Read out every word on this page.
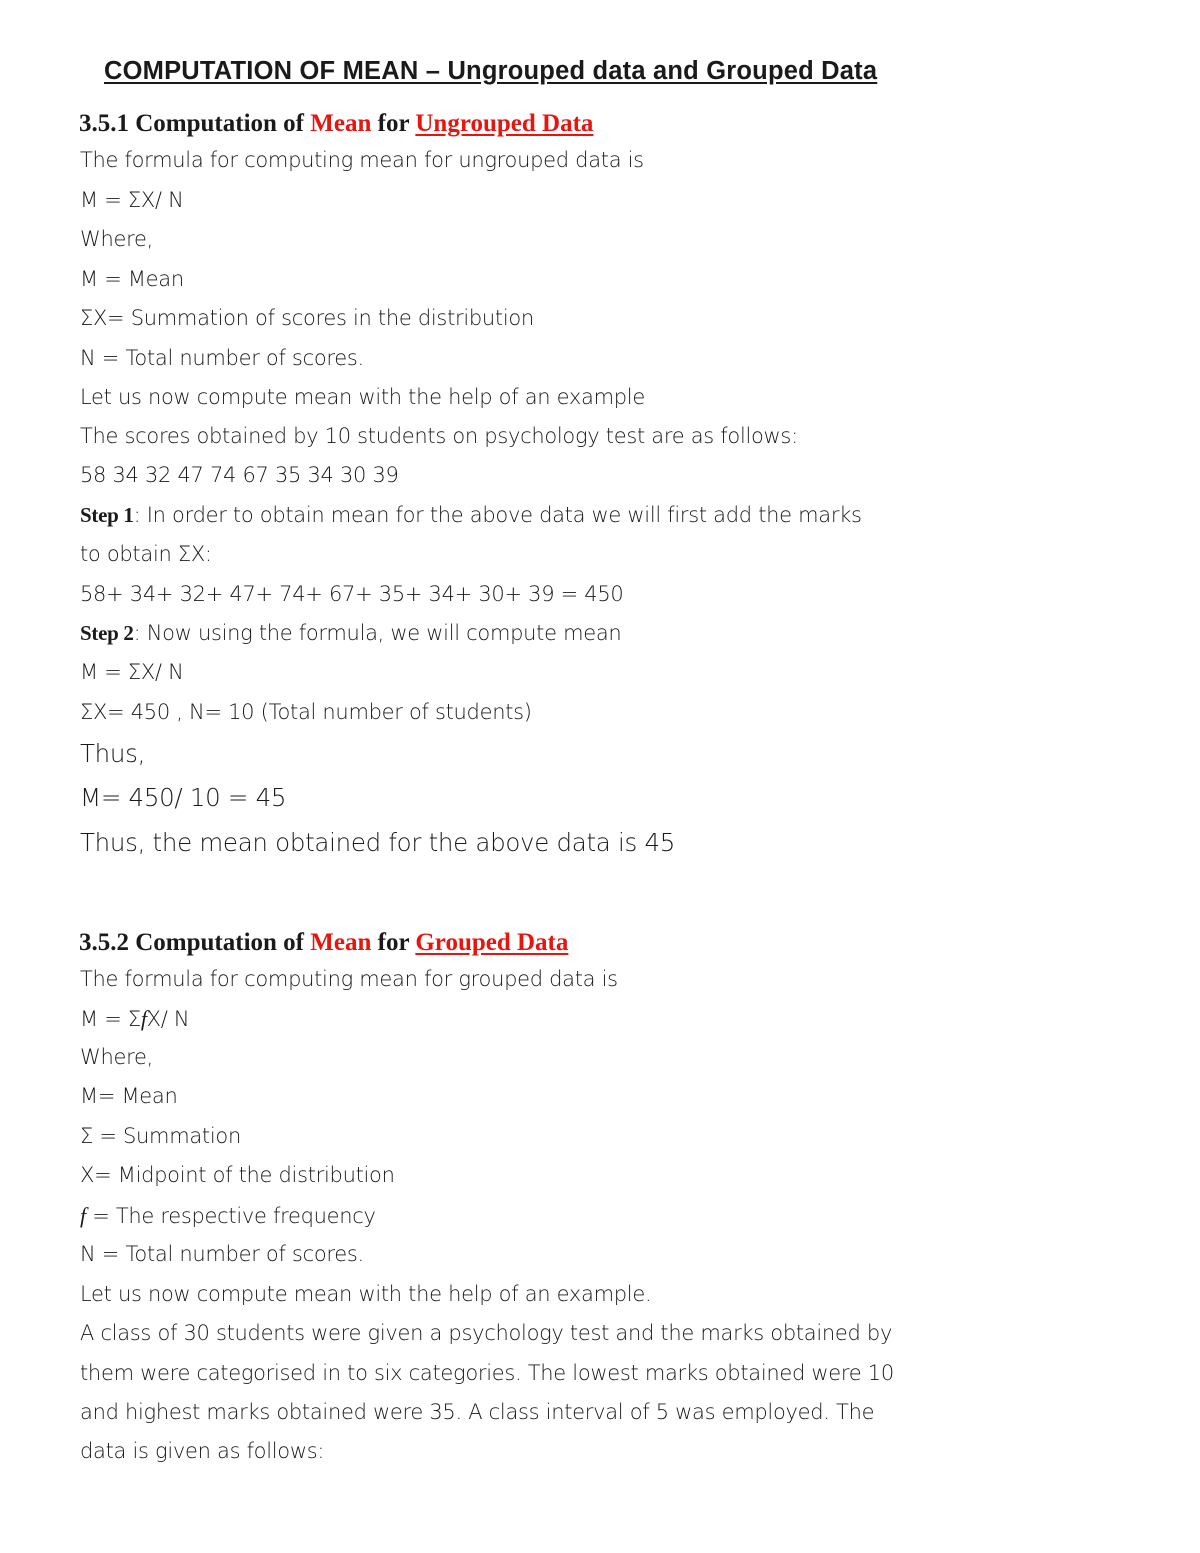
COMPUTATION OF MEAN – Ungrouped data and Grouped Data
3.5.1 Computation of Mean for Ungrouped Data
The formula for computing mean for ungrouped data is
M = ΣX/ N
Where,
M = Mean
ΣX= Summation of scores in the distribution
N = Total number of scores.
Let us now compute mean with the help of an example
The scores obtained by 10 students on psychology test are as follows:
58 34 32 47 74 67 35 34 30 39
Step 1: In order to obtain mean for the above data we will first add the marks
to obtain ΣX:
58+ 34+ 32+ 47+ 74+ 67+ 35+ 34+ 30+ 39 = 450
Step 2: Now using the formula, we will compute mean
M = ΣX/ N
ΣX= 450 , N= 10 (Total number of students)
Thus,
M= 450/ 10 = 45
Thus, the mean obtained for the above data is 45
3.5.2 Computation of Mean for Grouped Data
The formula for computing mean for grouped data is
M = ΣfX/ N
Where,
M= Mean
Σ = Summation
X= Midpoint of the distribution
f = The respective frequency
N = Total number of scores.
Let us now compute mean with the help of an example.
A class of 30 students were given a psychology test and the marks obtained by
them were categorised in to six categories. The lowest marks obtained were 10
and highest marks obtained were 35. A class interval of 5 was employed. The
data is given as follows:
